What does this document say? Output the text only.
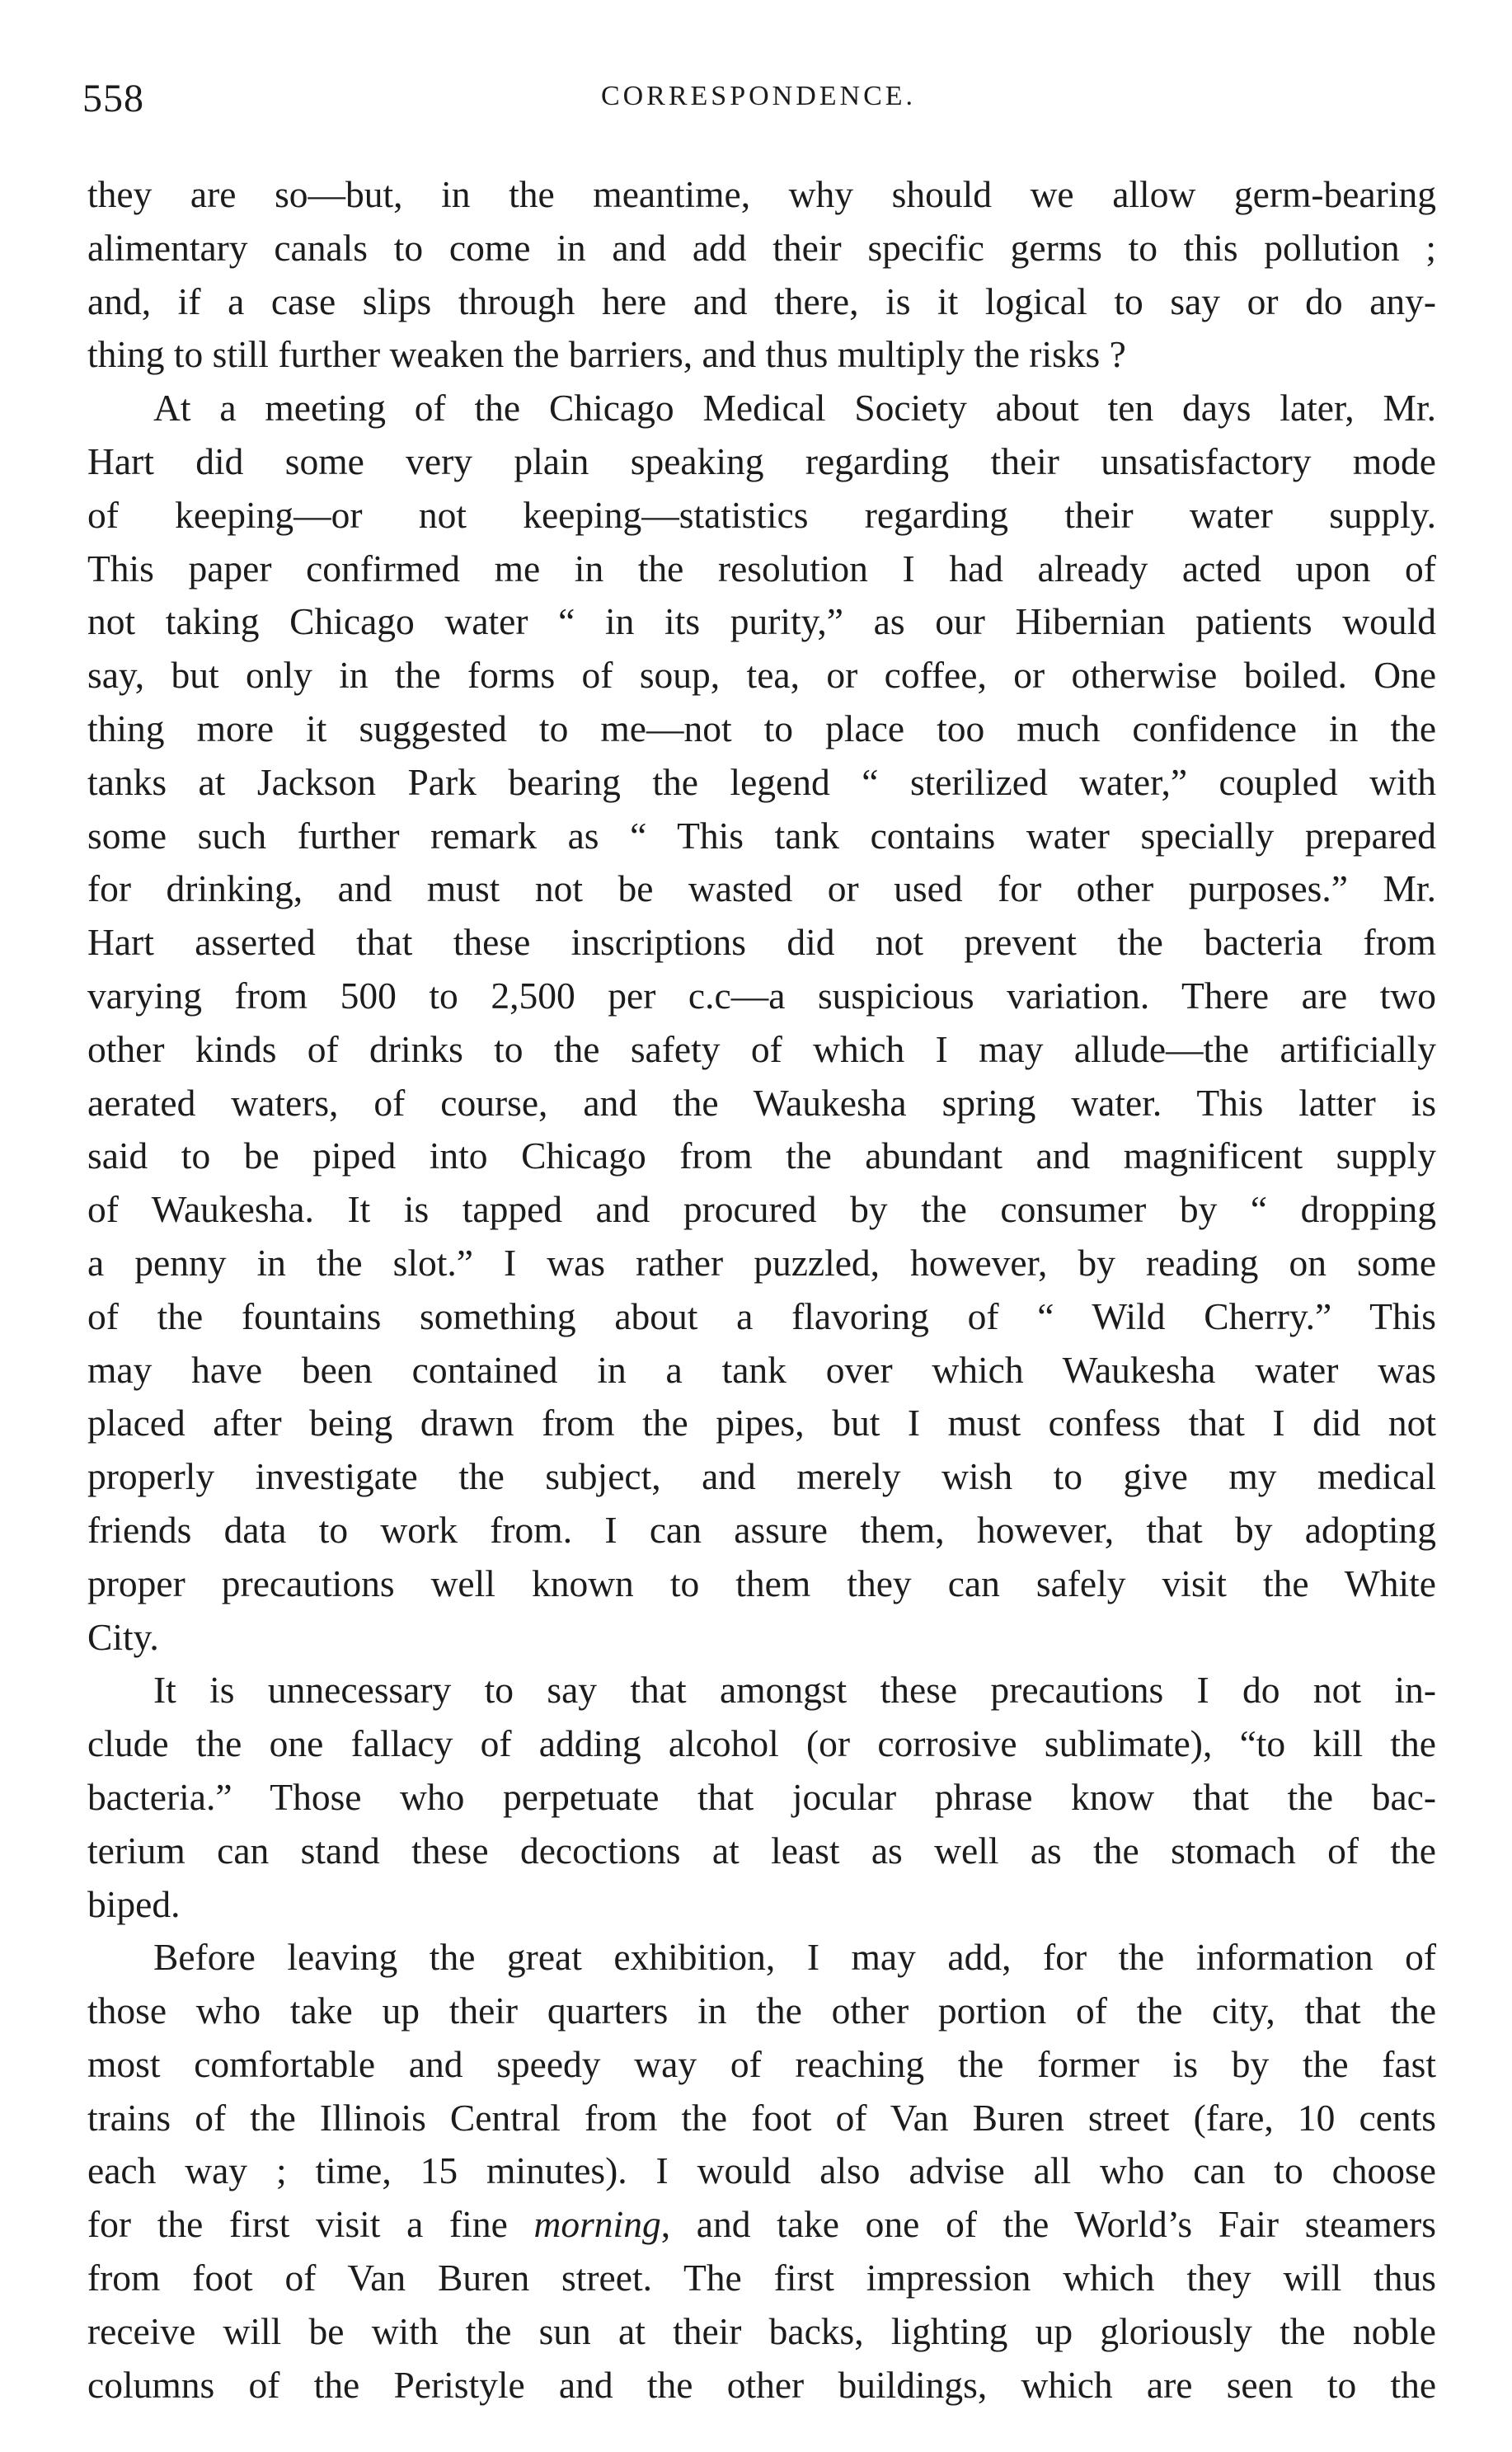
558	CORRESPONDENCE.
they are so—but, in the meantime, why should we allow germ-bearing
alimentary canals to come in and add their specific germs to this pollution ;
and, if a case slips through here and there, is it logical to say or do any-
thing to still further weaken the barriers, and thus multiply the risks ?
At a meeting of the Chicago Medical Society about ten days later, Mr.
Hart did some very plain speaking regarding their unsatisfactory mode
of keeping—or not keeping—statistics regarding their water supply.
This paper confirmed me in the resolution I had already acted upon of
not taking Chicago water “ in its purity,” as our Hibernian patients would
say, but only in the forms of soup, tea, or coffee, or otherwise boiled. One
thing more it suggested to me—not to place too much confidence in the
tanks at Jackson Park bearing the legend “ sterilized water,” coupled with
some such further remark as “ This tank contains water specially prepared
for drinking, and must not be wasted or used for other purposes.” Mr.
Hart asserted that these inscriptions did not prevent the bacteria from
varying from 500 to 2,500 per c.c—a suspicious variation. There are two
other kinds of drinks to the safety of which I may allude—the artificially
aerated waters, of course, and the Waukesha spring water. This latter is
said to be piped into Chicago from the abundant and magnificent supply
of Waukesha. It is tapped and procured by the consumer by “ dropping
a penny in the slot.” I was rather puzzled, however, by reading on some
of the fountains something about a flavoring of “ Wild Cherry.” This
may have been contained in a tank over which Waukesha water was
placed after being drawn from the pipes, but I must confess that I did not
properly investigate the subject, and merely wish to give my medical
friends data to work from. I can assure them, however, that by adopting
proper precautions well known to them they can safely visit the White
City.
It is unnecessary to say that amongst these precautions I do not in-
clude the one fallacy of adding alcohol (or corrosive sublimate), “to kill the
bacteria.” Those who perpetuate that jocular phrase know that the bac-
terium can stand these decoctions at least as well as the stomach of the
biped.
Before leaving the great exhibition, I may add, for the information of
those who take up their quarters in the other portion of the city, that the
most comfortable and speedy way of reaching the former is by the fast
trains of the Illinois Central from the foot of Van Buren street (fare, 10 cents
each way ; time, 15 minutes). I would also advise all who can to choose
for the first visit a fine morning, and take one of the World’s Fair steamers
from foot of Van Buren street. The first impression which they will thus
receive will be with the sun at their backs, lighting up gloriously the noble
columns of the Peristyle and the other buildings, which are seen to the
